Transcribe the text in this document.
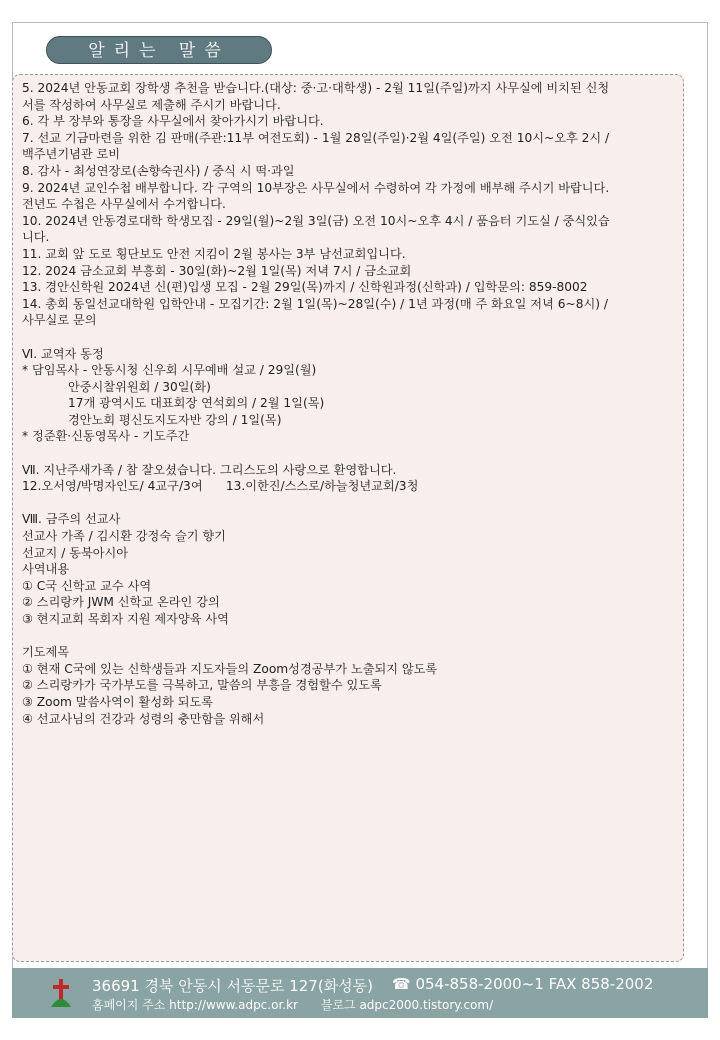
알리는 말씀
5. 2024년 안동교회 장학생 추천을 받습니다.(대상: 중·고·대학생) - 2월 11일(주일)까지 사무실에 비치된 신청
서를 작성하여 사무실로 제출해 주시기 바랍니다.
6. 각 부 장부와 통장을 사무실에서 찾아가시기 바랍니다.
7. 선교 기금마련을 위한 김 판매(주관:11부 여전도회) - 1월 28일(주일)·2월 4일(주일) 오전 10시~오후 2시 /
백주년기념관 로비
8. 감사 - 최성연장로(손향숙권사) / 중식 시 떡·과일
9. 2024년 교인수첩 배부합니다. 각 구역의 10부장은 사무실에서 수령하여 각 가정에 배부해 주시기 바랍니다.
전년도 수첩은 사무실에서 수거합니다.
10. 2024년 안동경로대학 학생모집 - 29일(월)~2월 3일(금) 오전 10시~오후 4시 / 품음터 기도실 / 중식있습
니다.
11. 교회 앞 도로 횡단보도 안전 지킴이 2월 봉사는 3부 남선교회입니다.
12. 2024 금소교회 부흥회 - 30일(화)~2월 1일(목) 저녁 7시 / 금소교회
13. 경안신학원 2024년 신(편)입생 모집 - 2월 29일(목)까지 / 신학원과정(신학과) / 입학문의: 859-8002
14. 총회 동일선교대학원 입학안내 - 모집기간: 2월 1일(목)~28일(수) / 1년 과정(매 주 화요일 저녁 6~8시) /
사무실로 문의
Ⅵ. 교역자 동정
* 담임목사 - 안동시청 신우회 시무예배 설교 / 29일(월)
안중시찰위원회 / 30일(화)
17개 광역시도 대표회장 연석회의 / 2월 1일(목)
경안노회 평신도지도자반 강의 / 1일(목)
* 정준환·신동영목사 - 기도주간
Ⅶ. 지난주새가족 / 참 잘오셨습니다. 그리스도의 사랑으로 환영합니다.
12.오서영/박명자인도/ 4교구/3여      13.이한진/스스로/하늘청년교회/3청
Ⅷ. 금주의 선교사
선교사 가족 / 김시환 강정숙 슬기 향기
선교지 / 동북아시아
사역내용
① C국 신학교 교수 사역
② 스리랑카 JWM 신학교 온라인 강의
③ 현지교회 목회자 지원 제자양육 사역
기도제목
① 현재 C국에 있는 신학생들과 지도자들의 Zoom성경공부가 노출되지 않도록
② 스리랑카가 국가부도를 극복하고, 말씀의 부흥을 경험할수 있도록
③ Zoom 말씀사역이 활성화 되도록
④ 선교사님의 건강과 성령의 충만함을 위해서
36691 경북 안동시 서동문로 127(화성동) ☎ 054-858-2000~1 FAX 858-2002
홈페이지 주소 http://www.adpc.or.kr      블로그 adpc2000.tistory.com/
